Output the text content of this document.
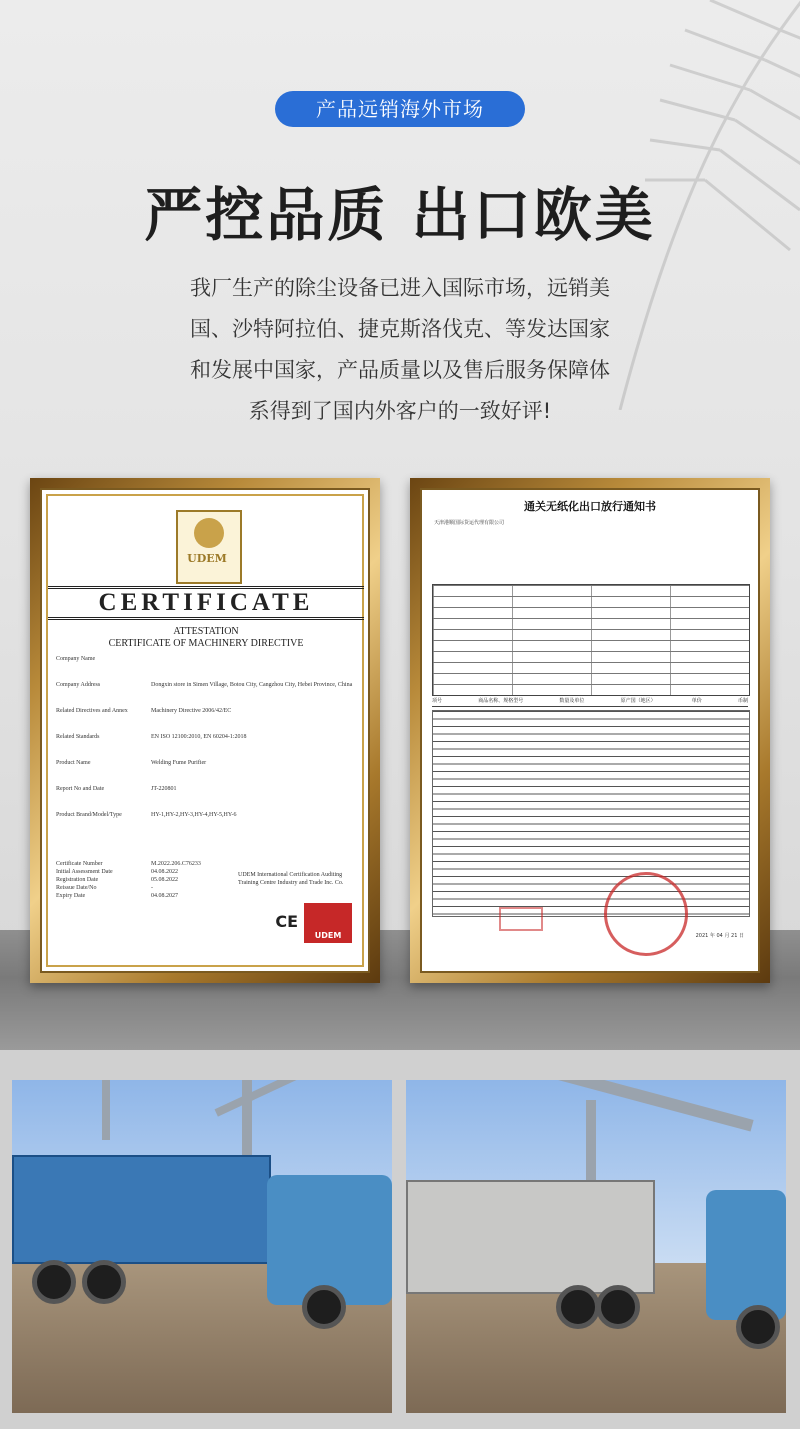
产品远销海外市场
严控品质 出口欧美
我厂生产的除尘设备已进入国际市场，远销美
国、沙特阿拉伯、捷克斯洛伐克、等发达国家
和发展中国家，产品质量以及售后服务保障体
系得到了国内外客户的一致好评!
UDEM
CERTIFICATE
ATTESTATION
CERTIFICATE OF MACHINERY DIRECTIVE
Company Name
Company Address	Dongxin store in Simen Village, Botou City, Cangzhou City, Hebei Province, China
Related Directives and Annex	Machinery Directive 2006/42/EC
Related Standards	EN ISO 12100:2010, EN 60204-1:2018
Product Name	Welding Fume Purifier
Report No and Date	JT-220801
Product Brand/Model/Type	HY-1,HY-2,HY-3,HY-4,HY-5,HY-6
Certificate Number	M.2022.206.C76233
Initial Assessment Date	04.08.2022
Registration Date	05.08.2022
Reissue Date/No	-
Expiry Date	04.08.2027
UDEM International Certification Auditing Training Centre Industry and Trade Inc. Co.
CE
UDEM
通关无纸化出口放行通知书
天津港顺国际货运代理有限公司
项号	商品名称、规格型号	数量及单位	原产国（地区）	单价	币制
2021 年 04 月 21 日
